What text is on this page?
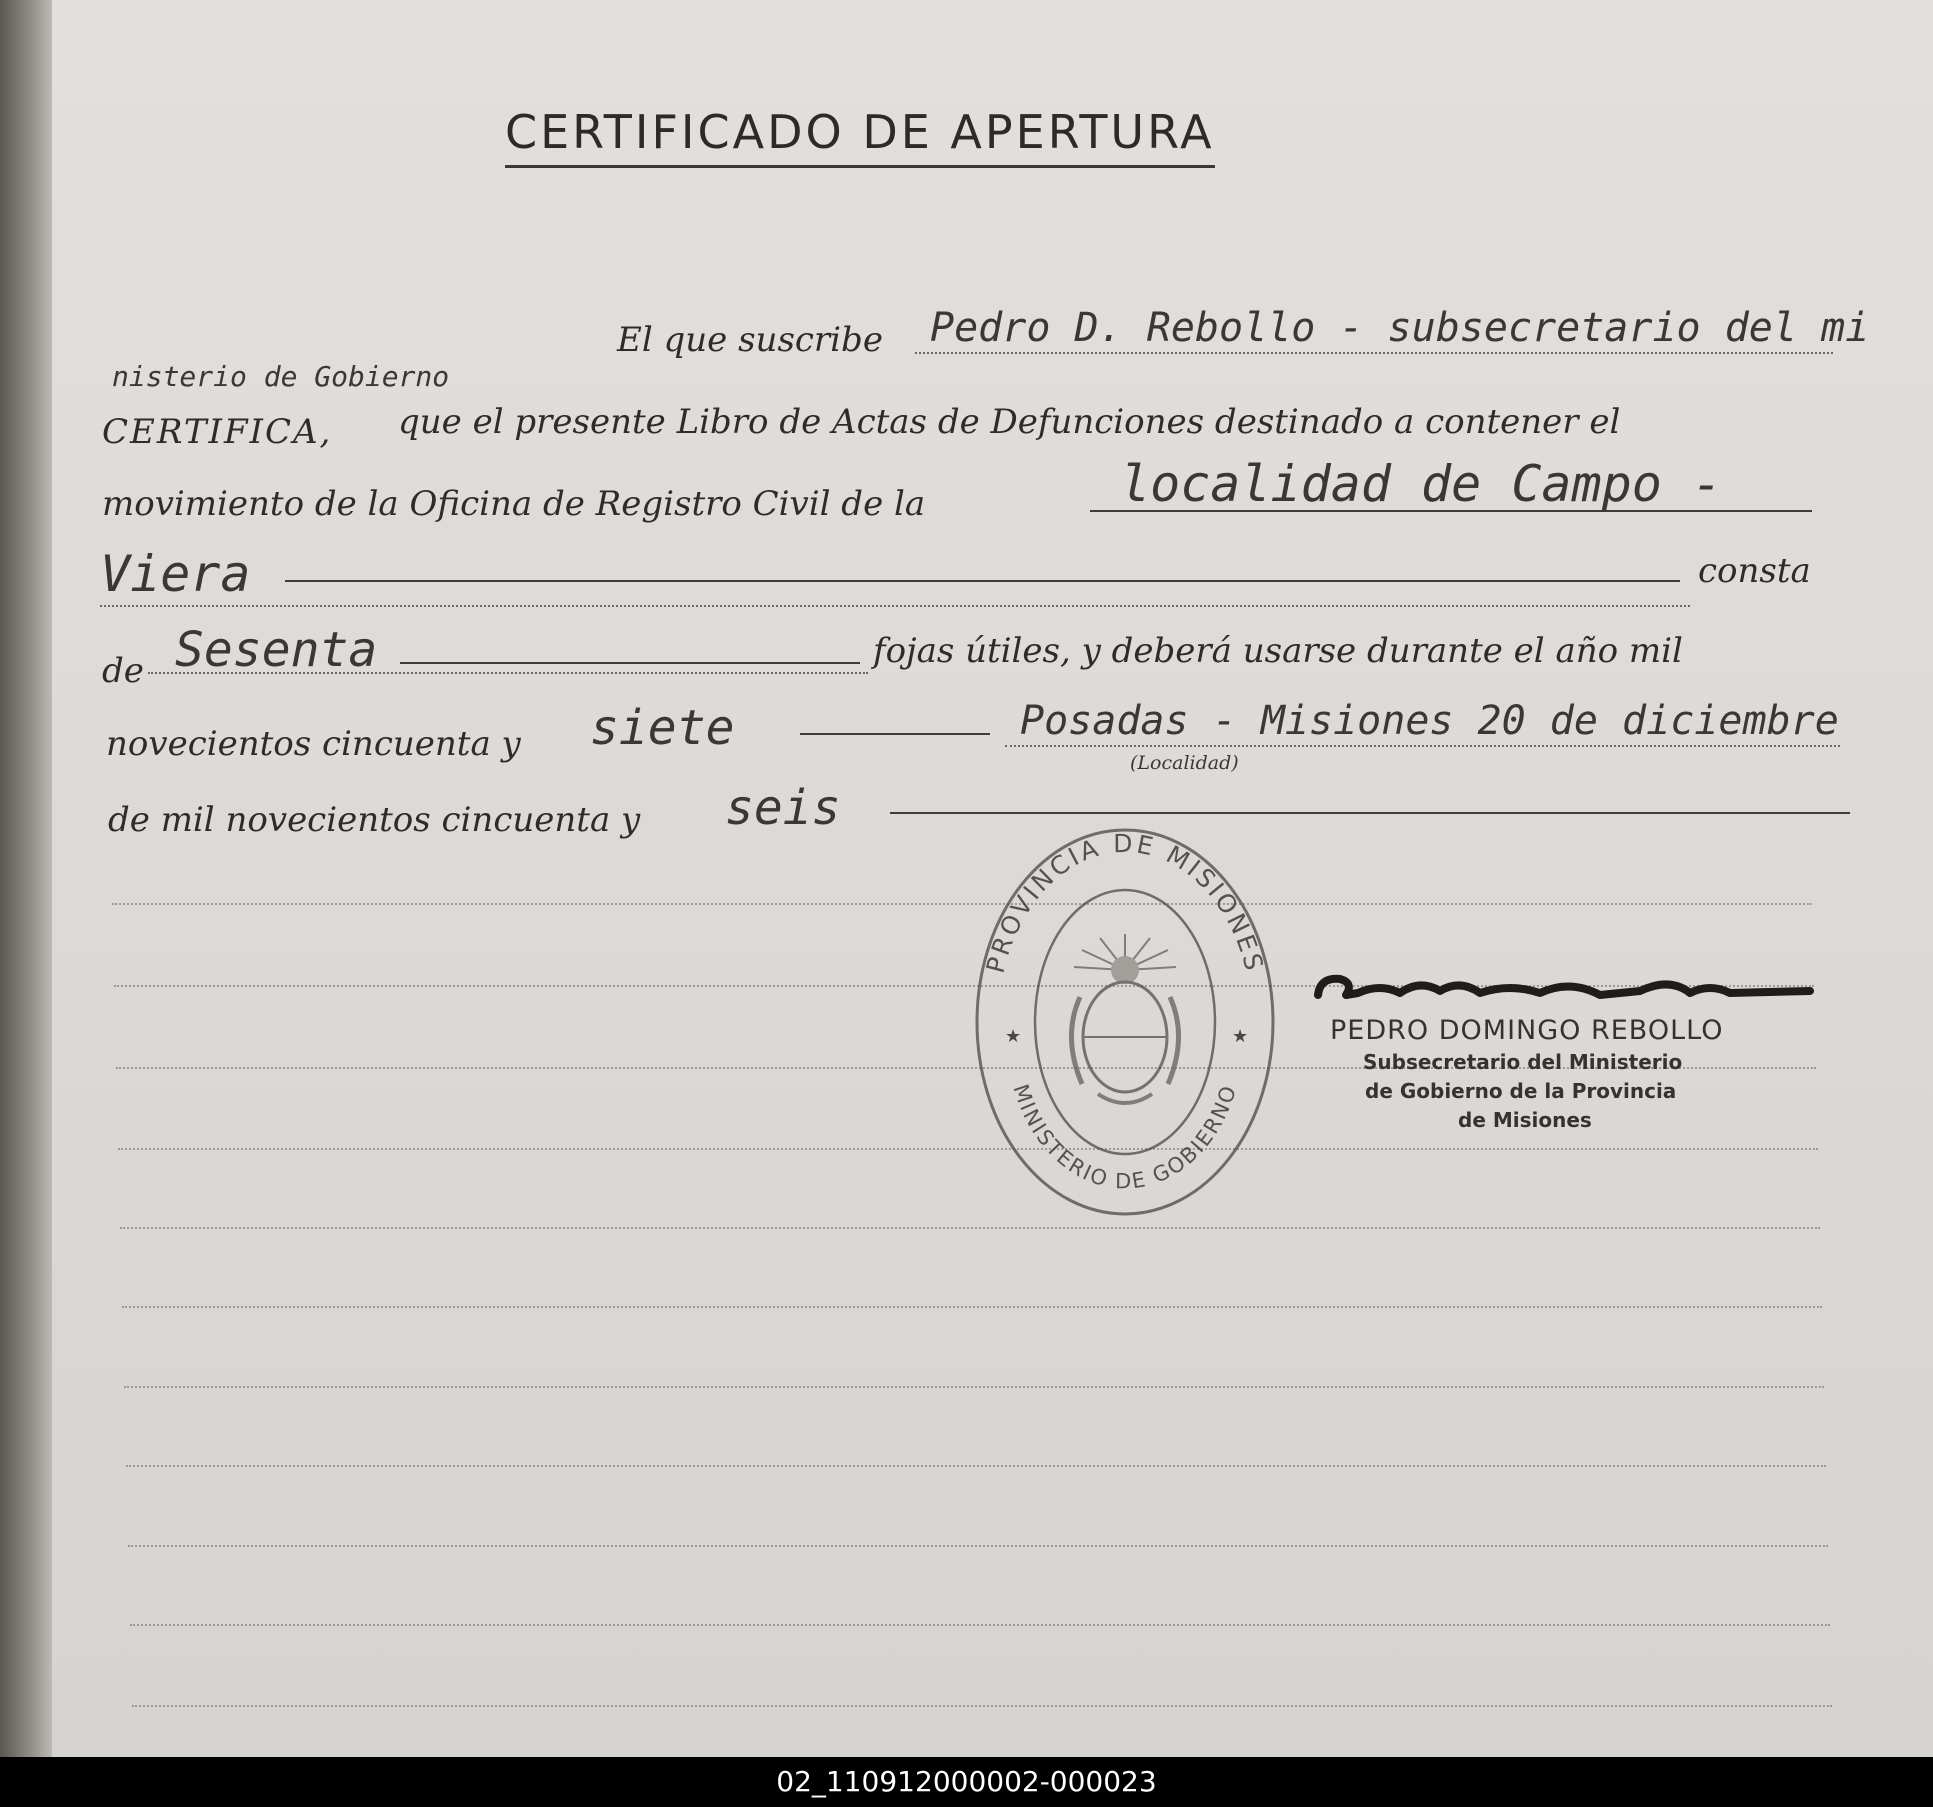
CERTIFICADO DE APERTURA
El que suscribe Pedro D. Rebollo - subsecretario del mi
nisterio de Gobierno
CERTIFICA, que el presente Libro de Actas de Defunciones destinado a contener el
movimiento de la Oficina de Registro Civil de la	localidad de Campo -
Viera	consta
de Sesenta	fojas útiles, y deberá usarse durante el año mil
novecientos cincuenta y siete	Posadas - Misiones 20 de diciembre
(Localidad)
de mil novecientos cincuenta y seis
PROVINCIA DE MISIONES
MINISTERIO DE GOBIERNO
★	★	PEDRO DOMINGO REBOLLO
Subsecretario del Ministerio
de Gobierno de la Provincia
de Misiones
02_110912000002-000023
